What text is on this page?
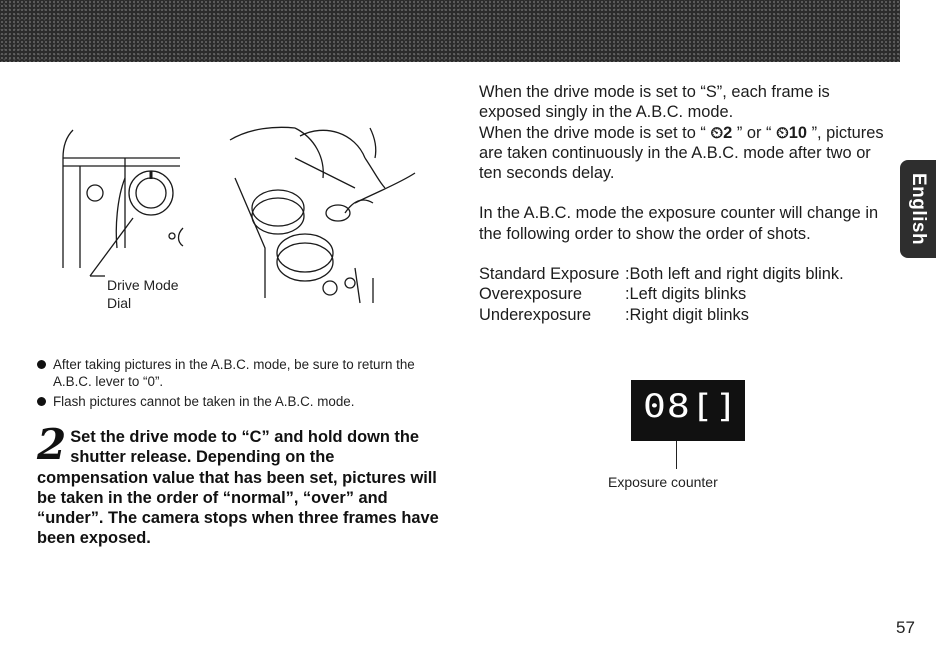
English
Drive Mode
Dial
After taking pictures in the A.B.C. mode, be sure to return the A.B.C. lever to “0”.
Flash pictures cannot be taken in the A.B.C. mode.
2 Set the drive mode to “C” and hold down the shutter release. Depending on the compensation value that has been set, pictures will be taken in the order of “normal”, “over” and “under”. The camera stops when three frames have been exposed.

When the drive mode is set to “S”, each frame is exposed singly in the A.B.C. mode.

When the drive mode is set to “ ⏲2 ” or “ ⏲10 ”, pictures are taken continuously in the A.B.C. mode after two or ten seconds delay.

In the A.B.C. mode the exposure counter will change in the following order to show the order of shots.

Standard Exposure :Both left and right digits blink.
Overexposure	:Left digits blinks
Underexposure	:Right digit blinks
08[]
Exposure counter
57
